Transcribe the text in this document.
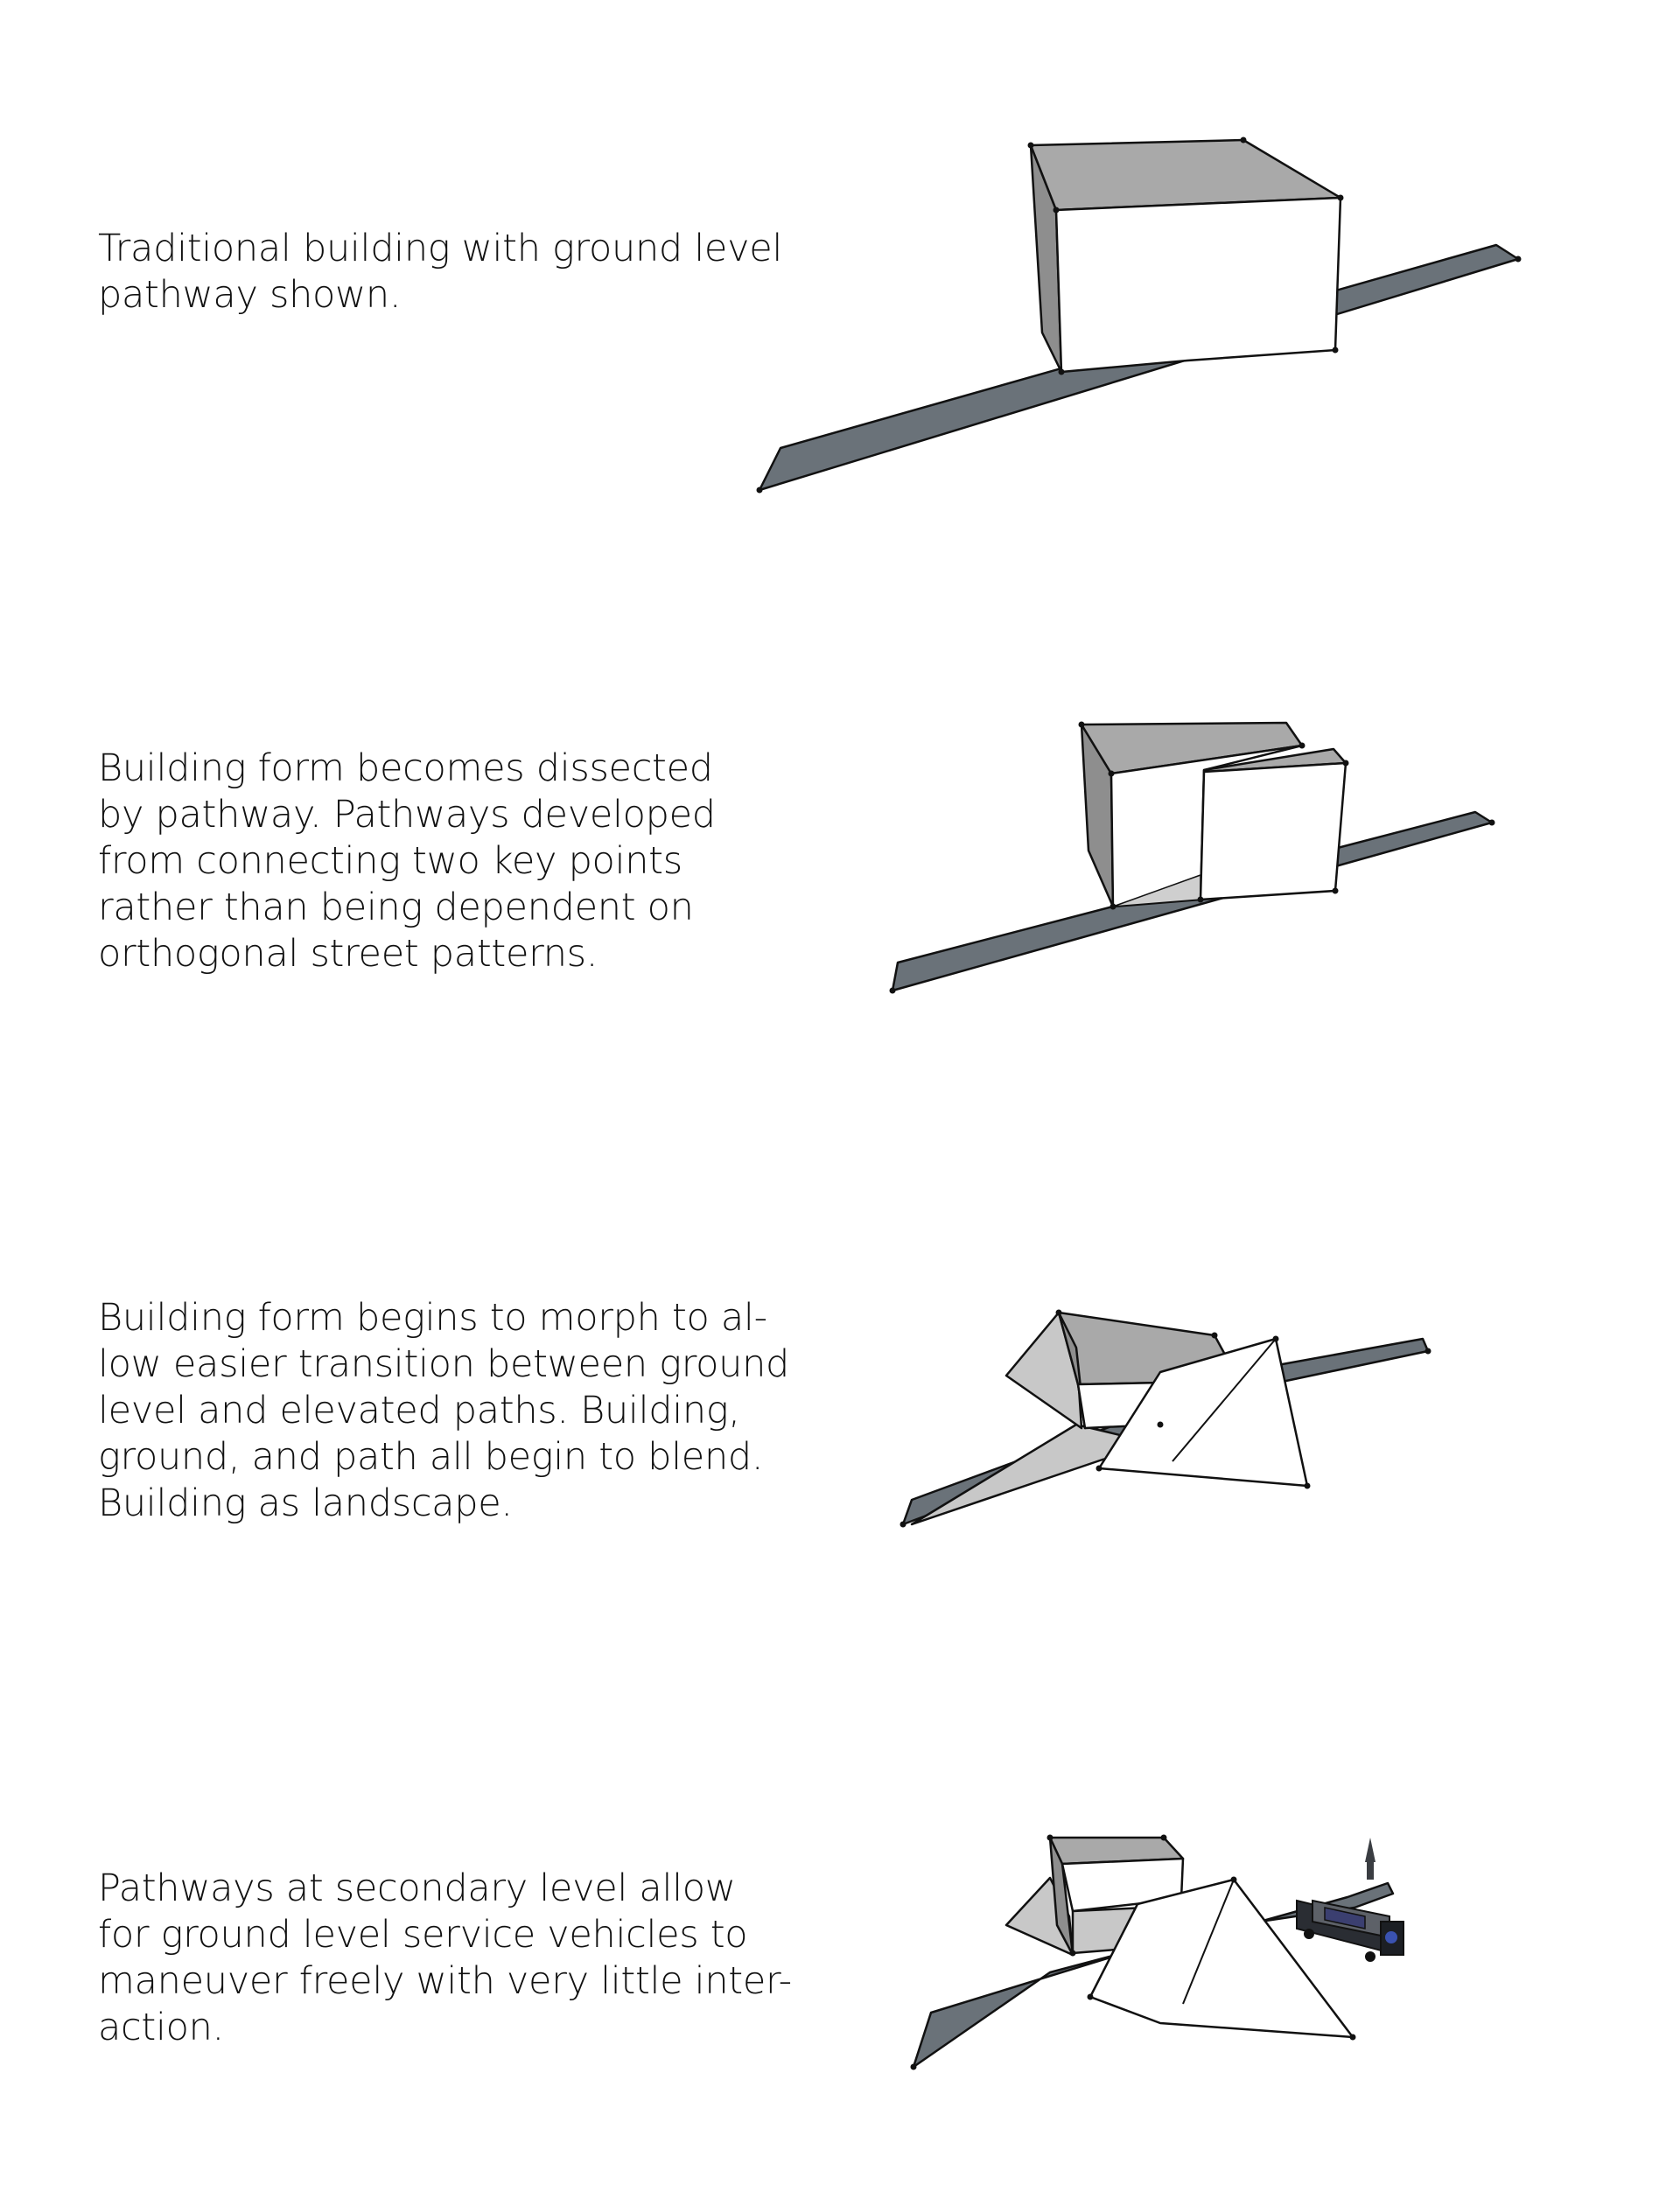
Traditional building with ground level
pathway shown.
Building form becomes dissected
by pathway. Pathways developed
from connecting two key points
rather than being dependent on
orthogonal street patterns.
Building form begins to morph to al-
low easier transition between ground
level and elevated paths. Building,
ground, and path all begin to blend.
Building as landscape.
Pathways at secondary level allow
for ground level service vehicles to
maneuver freely with very little inter-
action.
